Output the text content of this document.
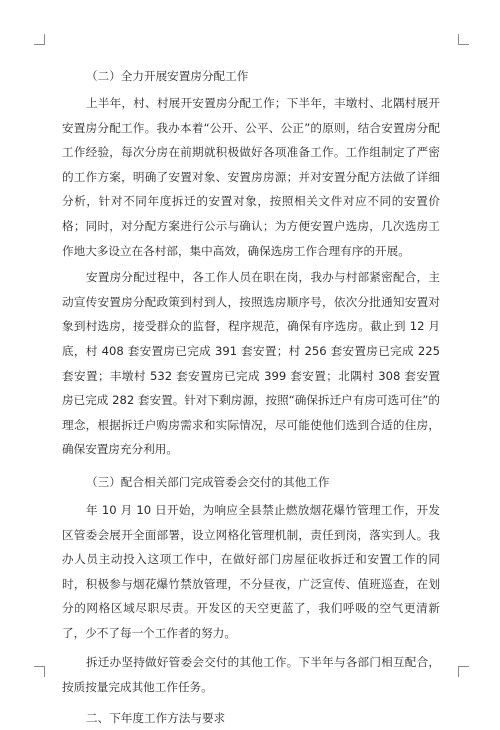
（二）全力开展安置房分配工作

上半年，村、村展开安置房分配工作；下半年，丰墩村、北隅村展开安置房分配工作。我办本着“公开、公平、公正”的原则，结合安置房分配工作经验，每次分房在前期就积极做好各项准备工作。工作组制定了严密的工作方案，明确了安置对象、安置房房源；并对安置分配方法做了详细分析，针对不同年度拆迁的安置对象，按照相关文件对应不同的安置价格；同时，对分配方案进行公示与确认；为方便安置户选房，几次选房工作地大多设立在各村部，集中高效，确保选房工作合理有序的开展。

安置房分配过程中，各工作人员在职在岗，我办与村部紧密配合，主动宣传安置房分配政策到村到人，按照选房顺序号，依次分批通知安置对象到村选房，接受群众的监督，程序规范，确保有序选房。截止到 12 月底，村 408 套安置房已完成 391 套安置；村 256 套安置房已完成 225 套安置；丰墩村 532 套安置房已完成 399 套安置；北隅村 308 套安置房已完成 282 套安置。针对下剩房源，按照“确保拆迁户有房可选可住”的理念，根据拆迁户购房需求和实际情况，尽可能使他们选到合适的住房，确保安置房充分利用。

（三）配合相关部门完成管委会交付的其他工作

年 10 月 10 日开始，为响应全县禁止燃放烟花爆竹管理工作，开发区管委会展开全面部署，设立网格化管理机制，责任到岗，落实到人。我办人员主动投入这项工作中，在做好部门房屋征收拆迁和安置工作的同时，积极参与烟花爆竹禁放管理，不分昼夜，广泛宣传、值班巡查，在划分的网格区域尽职尽责。开发区的天空更蓝了，我们呼吸的空气更清新了，少不了每一个工作者的努力。

拆迁办坚持做好管委会交付的其他工作。下半年与各部门相互配合，按质按量完成其他工作任务。

二、下年度工作方法与要求
